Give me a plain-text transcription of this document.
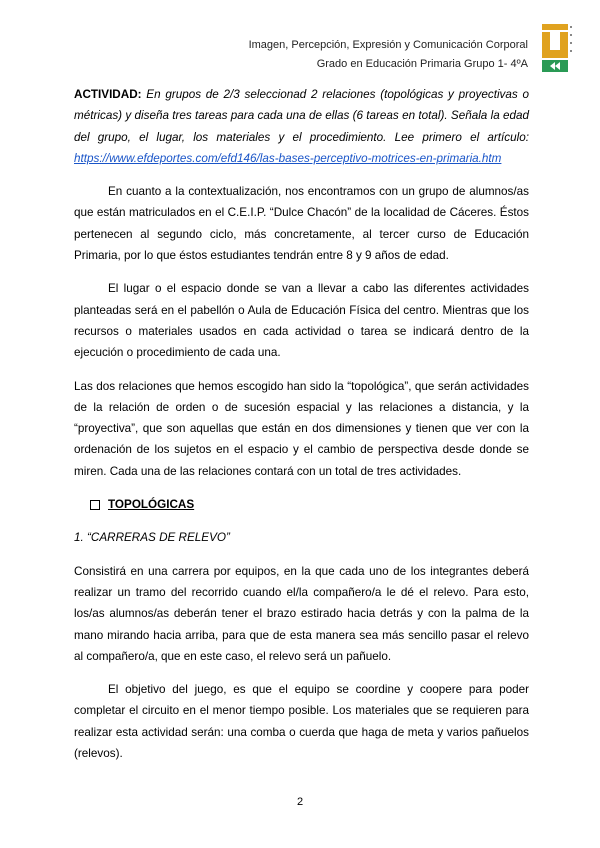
Imagen, Percepción, Expresión y Comunicación Corporal
Grado en Educación Primaria Grupo 1- 4ºA

ACTIVIDAD: En grupos de 2/3 seleccionad 2 relaciones (topológicas y proyectivas o métricas) y diseña tres tareas para cada una de ellas (6 tareas en total). Señala la edad del grupo, el lugar, los materiales y el procedimiento. Lee primero el artículo: https://www.efdeportes.com/efd146/las-bases-perceptivo-motrices-en-primaria.htm

En cuanto a la contextualización, nos encontramos con un grupo de alumnos/as que están matriculados en el C.E.I.P. “Dulce Chacón” de la localidad de Cáceres. Éstos pertenecen al segundo ciclo, más concretamente, al tercer curso de Educación Primaria, por lo que éstos estudiantes tendrán entre 8 y 9 años de edad.

El lugar o el espacio donde se van a llevar a cabo las diferentes actividades planteadas será en el pabellón o Aula de Educación Física del centro. Mientras que los recursos o materiales usados en cada actividad o tarea se indicará dentro de la ejecución o procedimiento de cada una.

Las dos relaciones que hemos escogido han sido la “topológica”, que serán actividades de la relación de orden o de sucesión espacial y las relaciones a distancia, y la “proyectiva”, que son aquellas que están en dos dimensiones y tienen que ver con la ordenación de los sujetos en el espacio y el cambio de perspectiva desde donde se miren. Cada una de las relaciones contará con un total de tres actividades.

TOPOLÓGICAS

1. “CARRERAS DE RELEVO”

Consistirá en una carrera por equipos, en la que cada uno de los integrantes deberá realizar un tramo del recorrido cuando el/la compañero/a le dé el relevo. Para esto, los/as alumnos/as deberán tener el brazo estirado hacia detrás y con la palma de la mano mirando hacia arriba, para que de esta manera sea más sencillo pasar el relevo al compañero/a, que en este caso, el relevo será un pañuelo.

El objetivo del juego, es que el equipo se coordine y coopere para poder completar el circuito en el menor tiempo posible. Los materiales que se requieren para realizar esta actividad serán: una comba o cuerda que haga de meta y varios pañuelos (relevos).

2
